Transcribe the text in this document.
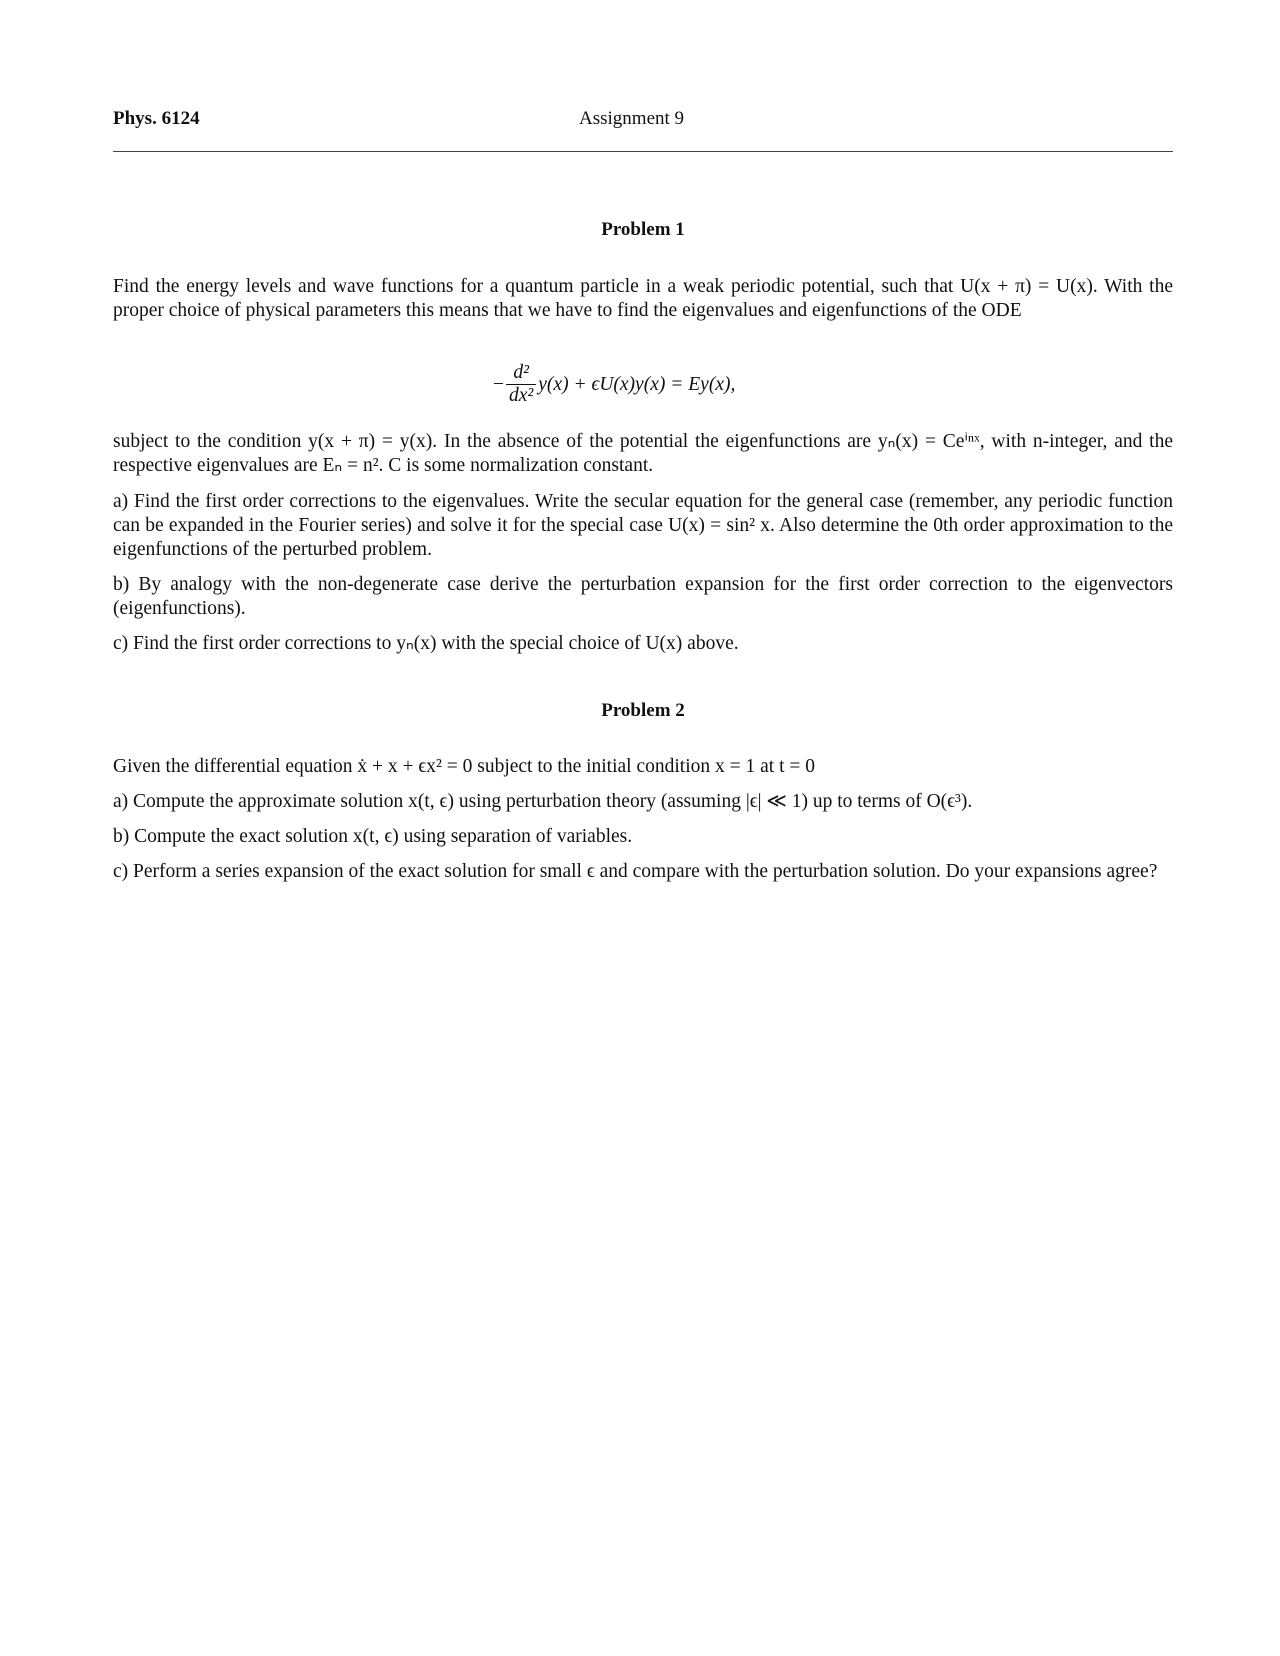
Phys. 6124	Assignment 9
Problem 1
Find the energy levels and wave functions for a quantum particle in a weak periodic potential, such that U(x + π) = U(x). With the proper choice of physical parameters this means that we have to find the eigenvalues and eigenfunctions of the ODE
− $\frac{\text{d²}}{\text{dx²}} y(x) + \epsilon U(x)y(x) = Ey(x)$,
subject to the condition y(x + π) = y(x). In the absence of the potential the eigenfunctions are yₙ(x) = Ceⁱⁿˣ, with n-integer, and the respective eigenvalues are Eₙ = n². C is some normalization constant.
a) Find the first order corrections to the eigenvalues. Write the secular equation for the general case (remember, any periodic function can be expanded in the Fourier series) and solve it for the special case U(x) = sin² x. Also determine the 0th order approximation to the eigenfunctions of the perturbed problem.
b) By analogy with the non-degenerate case derive the perturbation expansion for the first order correction to the eigenvectors (eigenfunctions).
c) Find the first order corrections to yₙ(x) with the special choice of U(x) above.
Problem 2
Given the differential equation ẋ + x + ϵx² = 0 subject to the initial condition x = 1 at t = 0
a) Compute the approximate solution x(t, ϵ) using perturbation theory (assuming |ϵ| ≪ 1) up to terms of O(ϵ³).
b) Compute the exact solution x(t, ϵ) using separation of variables.
c) Perform a series expansion of the exact solution for small ϵ and compare with the perturbation solution. Do your expansions agree?
